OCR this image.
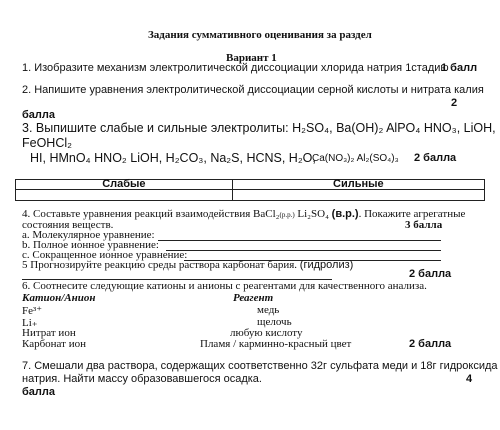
Задания суммативного оценивания за раздел
Вариант 1
1. Изобразите механизм электролитической диссоциации хлорида натрия 1стадию
1 балл
2. Напишите уравнения электролитической диссоциации серной кислоты и нитрата калия
2
балла
3. Выпишите слабые и сильные электролиты: H₂SO₄, Ba(OH)₂ AlPO₄ HNO₃, LiOH,
FeOHCl₂
HI, HMnO₄ HNO₂ LiOH, H₂CO₃, Na₂S, HCNS, H₂O,
Ca(NO₃)₂ Al₂(SO₄)₃ 2 балла
Слабые	Сильные

4. Составьте уравнения реакций взаимодействия BaCl₂(р.р.) Li₂SO₄ (в.р.). Покажите агрегатные
состояния веществ.	3 балла
a. Молекулярное уравнение:
b. Полное ионное уравнение:
c. Сокращенное ионное уравнение:
5 Прогнозируйте реакцию среды раствора карбонат бария. (гидролиз)
2 балла
6. Соотнесите следующие катионы и анионы с реагентами для качественного анализа.
Катион/Анион	Реагент
Fe³⁺
Li₊
Нитрат ион
Карбонат ион
медь
щелочь
любую кислоту
Пламя / карминно-красный цвет	2 балла
7. Смешали два раствора, содержащих соответственно 32г сульфата меди и 18г гидроксида
натрия. Найти массу образовавшегося осадка.	4
балла
